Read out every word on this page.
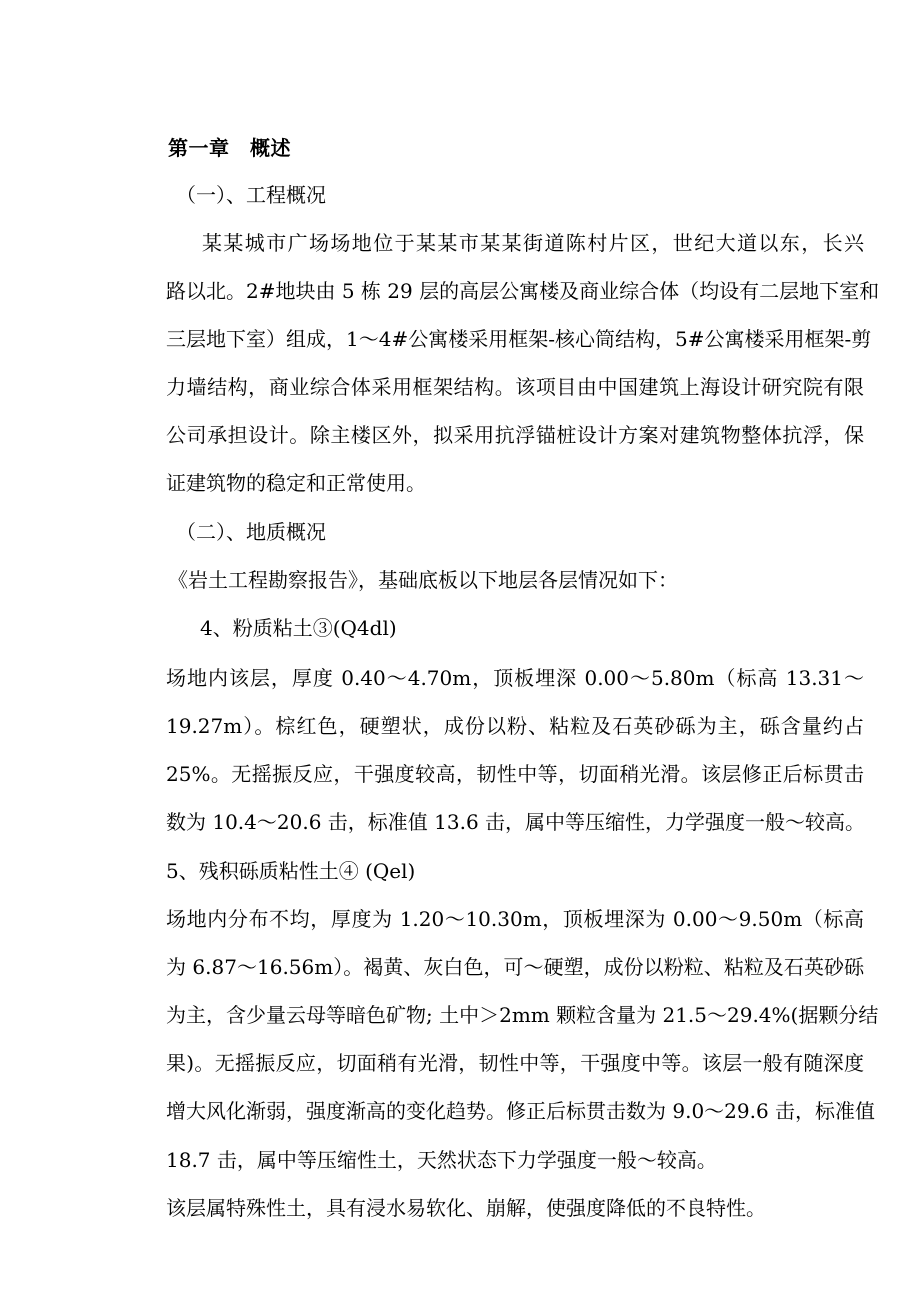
第一章　概述
（一）、工程概况
某某城市广场场地位于某某市某某街道陈村片区，世纪大道以东，长兴
路以北。2#地块由 5 栋 29 层的高层公寓楼及商业综合体（均设有二层地下室和
三层地下室）组成，1～4#公寓楼采用框架-核心筒结构，5#公寓楼采用框架-剪
力墙结构，商业综合体采用框架结构。该项目由中国建筑上海设计研究院有限
公司承担设计。除主楼区外，拟采用抗浮锚桩设计方案对建筑物整体抗浮，保
证建筑物的稳定和正常使用。
（二）、地质概况
《岩土工程勘察报告》，基础底板以下地层各层情况如下：
4、粉质粘土③(Q4dl)
场地内该层，厚度 0.40～4.70m，顶板埋深 0.00～5.80m（标高 13.31～
19.27m）。棕红色，硬塑状，成份以粉、粘粒及石英砂砾为主，砾含量约占
25%。无摇振反应，干强度较高，韧性中等，切面稍光滑。该层修正后标贯击
数为 10.4～20.6 击，标准值 13.6 击，属中等压缩性，力学强度一般～较高。
5、残积砾质粘性土④ (Qel)
场地内分布不均，厚度为 1.20～10.30m，顶板埋深为 0.00～9.50m（标高
为 6.87～16.56m）。褐黄、灰白色，可～硬塑，成份以粉粒、粘粒及石英砂砾
为主，含少量云母等暗色矿物; 土中＞2mm 颗粒含量为 21.5～29.4%(据颗分结
果)。无摇振反应，切面稍有光滑，韧性中等，干强度中等。该层一般有随深度
增大风化渐弱，强度渐高的变化趋势。修正后标贯击数为 9.0～29.6 击，标准值
18.7 击，属中等压缩性土，天然状态下力学强度一般～较高。
该层属特殊性土，具有浸水易软化、崩解，使强度降低的不良特性。
